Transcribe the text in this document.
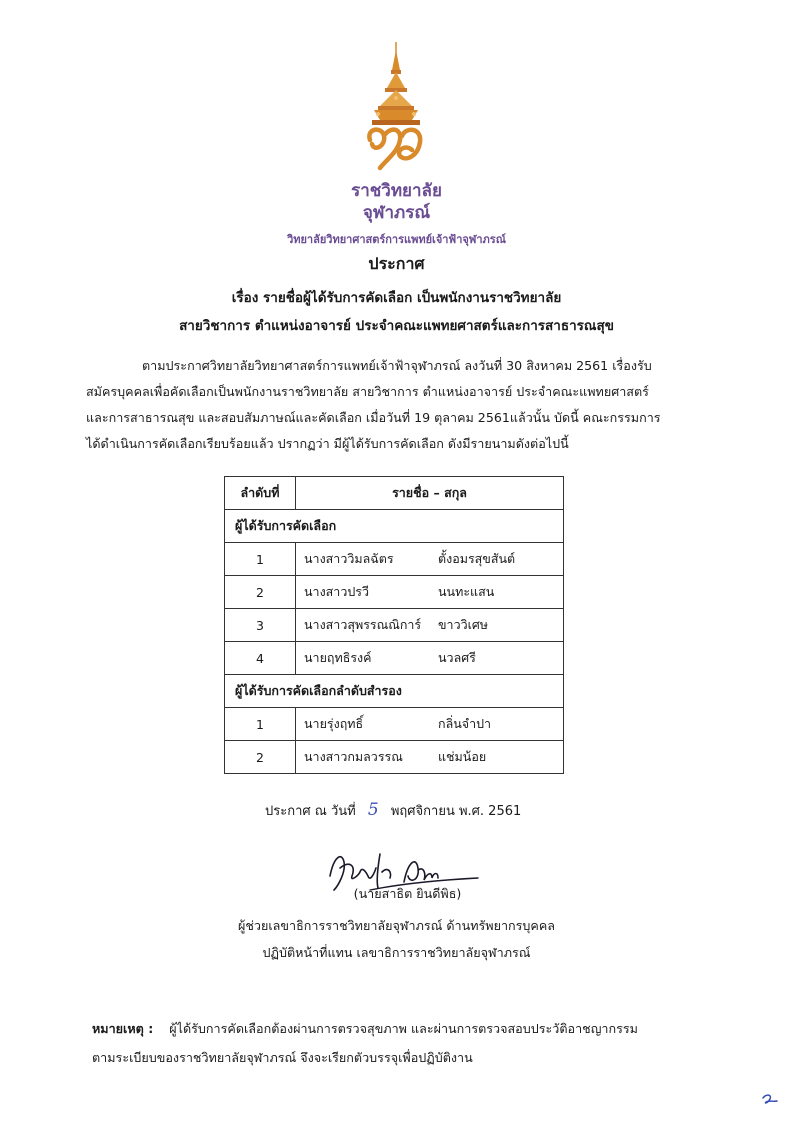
ราชวิทยาลัย
จุฬาภรณ์
วิทยาลัยวิทยาศาสตร์การแพทย์เจ้าฟ้าจุฬาภรณ์
ประกาศ
เรื่อง รายชื่อผู้ได้รับการคัดเลือก เป็นพนักงานราชวิทยาลัย
สายวิชาการ ตำแหน่งอาจารย์ ประจำคณะแพทยศาสตร์และการสาธารณสุข
ตามประกาศวิทยาลัยวิทยาศาสตร์การแพทย์เจ้าฟ้าจุฬาภรณ์ ลงวันที่ 30 สิงหาคม 2561 เรื่องรับ
สมัครบุคคลเพื่อคัดเลือกเป็นพนักงานราชวิทยาลัย สายวิชาการ ตำแหน่งอาจารย์ ประจำคณะแพทยศาสตร์
และการสาธารณสุข และสอบสัมภาษณ์และคัดเลือก เมื่อวันที่ 19 ตุลาคม 2561แล้วนั้น บัดนี้ คณะกรรมการ
ได้ดำเนินการคัดเลือกเรียบร้อยแล้ว ปรากฏว่า มีผู้ได้รับการคัดเลือก ดังมีรายนามดังต่อไปนี้
ลำดับที่	รายชื่อ – สกุล
ผู้ได้รับการคัดเลือก	
1	นางสาววิมลฉัตร ตั้งอมรสุขสันต์

2	นางสาวปรวี นนทะแสน

3	นางสาวสุพรรณณิการ์ ขาววิเศษ

4	นายฤทธิรงค์ นวลศรี

ผู้ได้รับการคัดเลือกลำดับสำรอง	
1	นายรุ่งฤทธิ์ กลิ่นจำปา

2	นางสาวกมลวรรณ แช่มน้อย
ประกาศ ณ วันที่ 5 พฤศจิกายน พ.ศ. 2561
(นายสาธิต ยินดีพิธ)
ผู้ช่วยเลขาธิการราชวิทยาลัยจุฬาภรณ์ ด้านทรัพยากรบุคคล
ปฏิบัติหน้าที่แทน เลขาธิการราชวิทยาลัยจุฬาภรณ์
หมายเหตุ : ผู้ได้รับการคัดเลือกต้องผ่านการตรวจสุขภาพ และผ่านการตรวจสอบประวัติอาชญากรรม
ตามระเบียบของราชวิทยาลัยจุฬาภรณ์ จึงจะเรียกตัวบรรจุเพื่อปฏิบัติงาน
